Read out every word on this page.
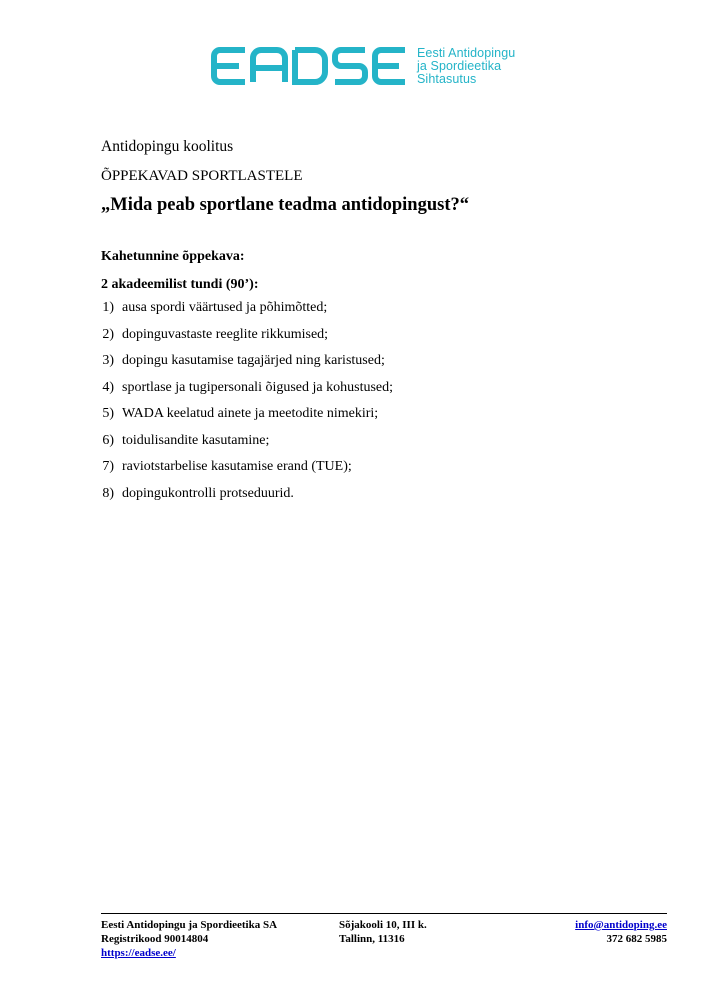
Eesti Antidopingu
ja Spordieetika
Sihtasutus

Antidopingu koolitus

ÕPPEKAVAD SPORTLASTELE

„Mida peab sportlane teadma antidopingust?“

Kahetunnine õppekava:

2 akadeemilist tundi (90’):

1) ausa spordi väärtused ja põhimõtted;
2) dopinguvastaste reeglite rikkumised;
3) dopingu kasutamise tagajärjed ning karistused;
4) sportlase ja tugipersonali õigused ja kohustused;
5) WADA keelatud ainete ja meetodite nimekiri;
6) toidulisandite kasutamine;
7) raviotstarbelise kasutamise erand (TUE);
8) dopingukontrolli protseduurid.
Eesti Antidopingu ja Spordieetika SA
Registrikood 90014804
https://eadse.ee/
Sõjakooli 10, III k.
Tallinn, 11316
info@antidoping.ee
372 682 5985
